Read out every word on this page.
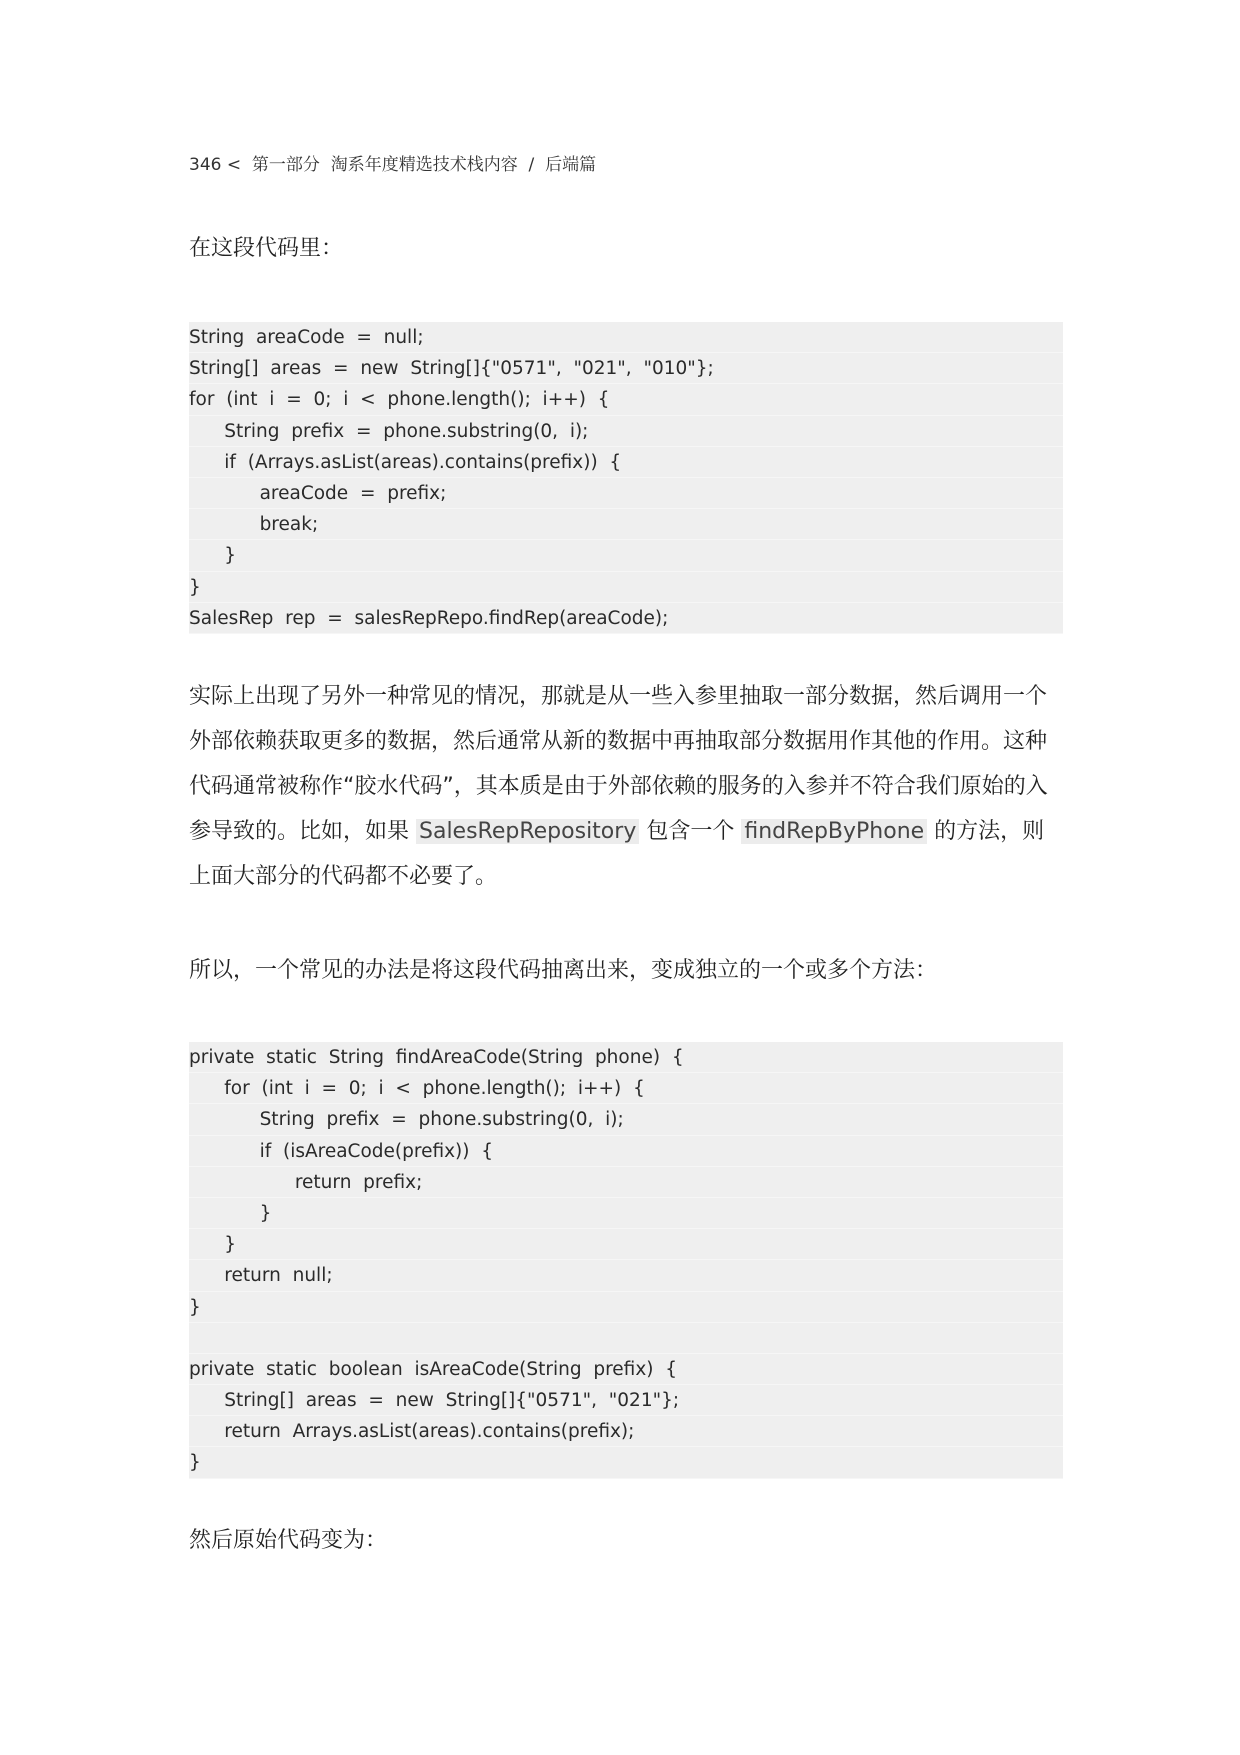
346 <  第一部分  淘系年度精选技术栈内容  /  后端篇

在这段代码里：

String  areaCode  =  null;
String[]  areas  =  new  String[]{"0571",  "021",  "010"};
for  (int  i  =  0;  i  <  phone.length();  i++)  {
String  prefix  =  phone.substring(0,  i);
if  (Arrays.asList(areas).contains(prefix))  {
areaCode  =  prefix;
break;
}
}
SalesRep  rep  =  salesRepRepo.findRep(areaCode);

实际上出现了另外一种常见的情况，那就是从一些入参里抽取一部分数据，然后调用一个外部依赖获取更多的数据，然后通常从新的数据中再抽取部分数据用作其他的作用。这种代码通常被称作“胶水代码”，其本质是由于外部依赖的服务的入参并不符合我们原始的入参导致的。比如，如果 SalesRepRepository 包含一个 findRepByPhone 的方法，则上面大部分的代码都不必要了。

所以，一个常见的办法是将这段代码抽离出来，变成独立的一个或多个方法：

private  static  String  findAreaCode(String  phone)  {
for  (int  i  =  0;  i  <  phone.length();  i++)  {
String  prefix  =  phone.substring(0,  i);
if  (isAreaCode(prefix))  {
return  prefix;
}
}
return  null;
}
private  static  boolean  isAreaCode(String  prefix)  {
String[]  areas  =  new  String[]{"0571",  "021"};
return  Arrays.asList(areas).contains(prefix);
}

然后原始代码变为：
